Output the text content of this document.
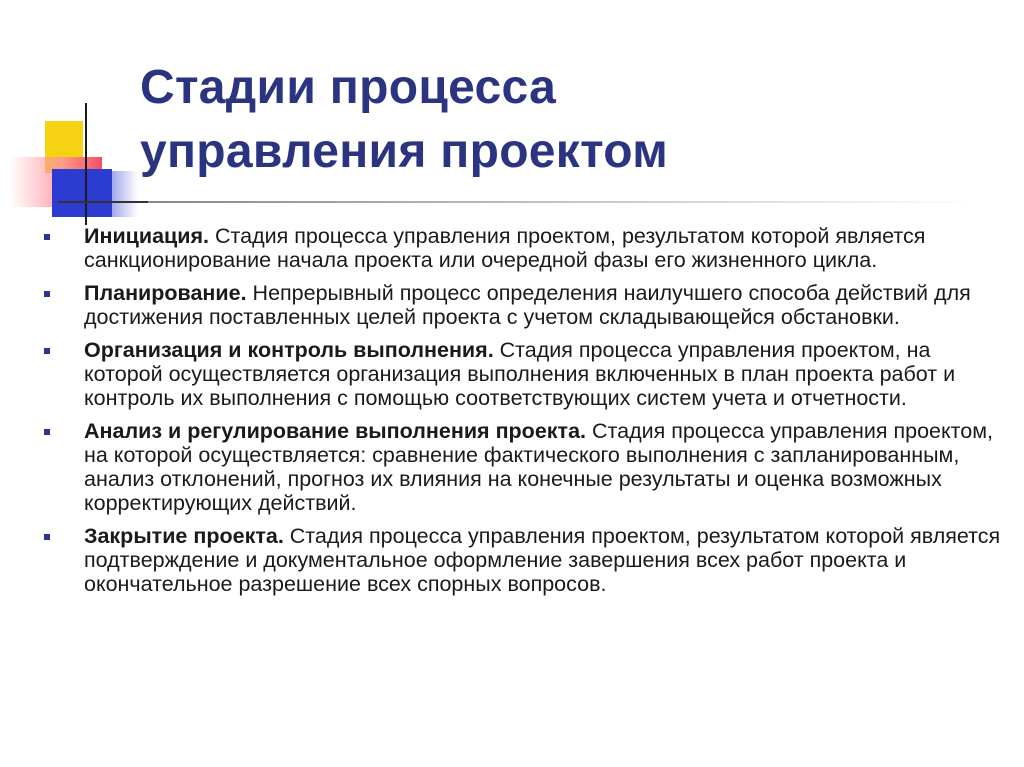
Стадии процесса
управления проектом
Инициация. Стадия процесса управления проектом, результатом которой является санкционирование начала проекта или очередной фазы его жизненного цикла.
Планирование. Непрерывный процесс определения наилучшего способа действий для достижения поставленных целей проекта с учетом складывающейся обстановки.
Организация и контроль выполнения. Стадия процесса управления проектом, на которой осуществляется организация выполнения включенных в план проекта работ и контроль их выполнения с помощью соответствующих систем учета и отчетности.
Анализ и регулирование выполнения проекта. Стадия процесса управления проектом, на которой осуществляется: сравнение фактического выполнения с запланированным, анализ отклонений, прогноз их влияния на конечные результаты и оценка возможных корректирующих действий.
Закрытие проекта. Стадия процесса управления проектом, результатом которой является подтверждение и документальное оформление завершения всех работ проекта и окончательное разрешение всех спорных вопросов.
